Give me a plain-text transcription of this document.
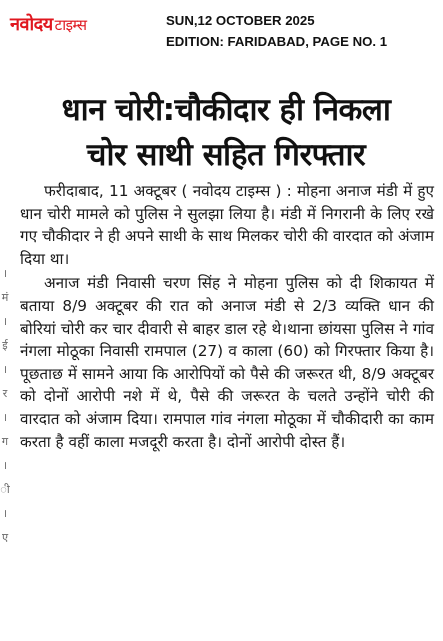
नवोदय टाइम्स	SUN,12 OCTOBER 2025
EDITION: FARIDABAD, PAGE NO. 1
।
मं
।
ई
।
र
।
ग
।
ी
।
ए
धान चोरी:चौकीदार ही निकला
चोर साथी सहित गिरफ्तार

फरीदाबाद, 11 अक्टूबर ( नवोदय टाइम्स ) : मोहना अनाज मंडी में हुए धान चोरी मामले को पुलिस ने सुलझा लिया है। मंडी में निगरानी के लिए रखे गए चौकीदार ने ही अपने साथी के साथ मिलकर चोरी की वारदात को अंजाम दिया था।

अनाज मंडी निवासी चरण सिंह ने मोहना पुलिस को दी शिकायत में बताया 8/9 अक्टूबर की रात को अनाज मंडी से 2/3 व्यक्ति धान की बोरियां चोरी कर चार दीवारी से बाहर डाल रहे थे।थाना छांयसा पुलिस ने गांव नंगला मोठूका निवासी रामपाल (27) व काला (60) को गिरफ्तार किया है। पूछताछ में सामने आया कि आरोपियों को पैसे की जरूरत थी, 8/9 अक्टूबर को दोनों आरोपी नशे में थे, पैसे की जरूरत के चलते उन्होंने चोरी की वारदात को अंजाम दिया। रामपाल गांव नंगला मोठूका में चौकीदारी का काम करता है वहीं काला मजदूरी करता है। दोनों आरोपी दोस्त हैं।
